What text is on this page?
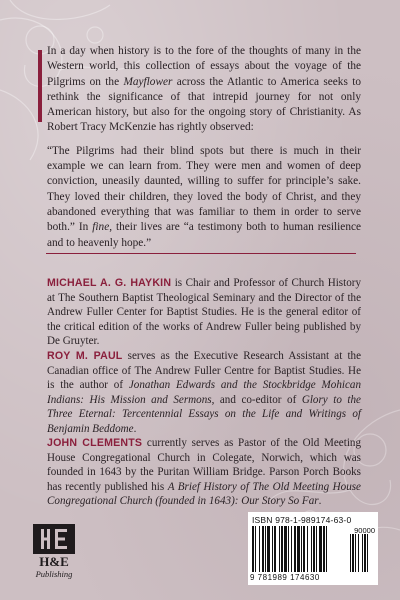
In a day when history is to the fore of the thoughts of many in the Western world, this collection of essays about the voyage of the Pilgrims on the Mayflower across the Atlantic to America seeks to rethink the significance of that intrepid journey for not only American history, but also for the ongoing story of Christianity. As Robert Tracy McKenzie has rightly observed:

“The Pilgrims had their blind spots but there is much in their example we can learn from. They were men and women of deep conviction, uneasily daunted, willing to suffer for principle’s sake. They loved their children, they loved the body of Christ, and they abandoned everything that was familiar to them in order to serve both.” In fine, their lives are “a testimony both to human resilience and to heavenly hope.”

MICHAEL A. G. HAYKIN is Chair and Professor of Church History at The Southern Baptist Theological Seminary and the Director of the Andrew Fuller Center for Baptist Studies. He is the general editor of the critical edition of the works of Andrew Fuller being published by De Gruyter.
ROY M. PAUL serves as the Executive Research Assistant at the Canadian office of The Andrew Fuller Centre for Baptist Studies. He is the author of Jonathan Edwards and the Stockbridge Mohican Indians: His Mission and Sermons, and co-editor of Glory to the Three Eternal: Tercentennial Essays on the Life and Writings of Benjamin Beddome.
JOHN CLEMENTS currently serves as Pastor of the Old Meeting House Congregational Church in Colegate, Norwich, which was founded in 1643 by the Puritan William Bridge. Parson Porch Books has recently published his A Brief History of The Old Meeting House Congregational Church (founded in 1643): Our Story So Far.
H&E
Publishing
ISBN 978-1-989174-63-0
9 781989 174630
90000
